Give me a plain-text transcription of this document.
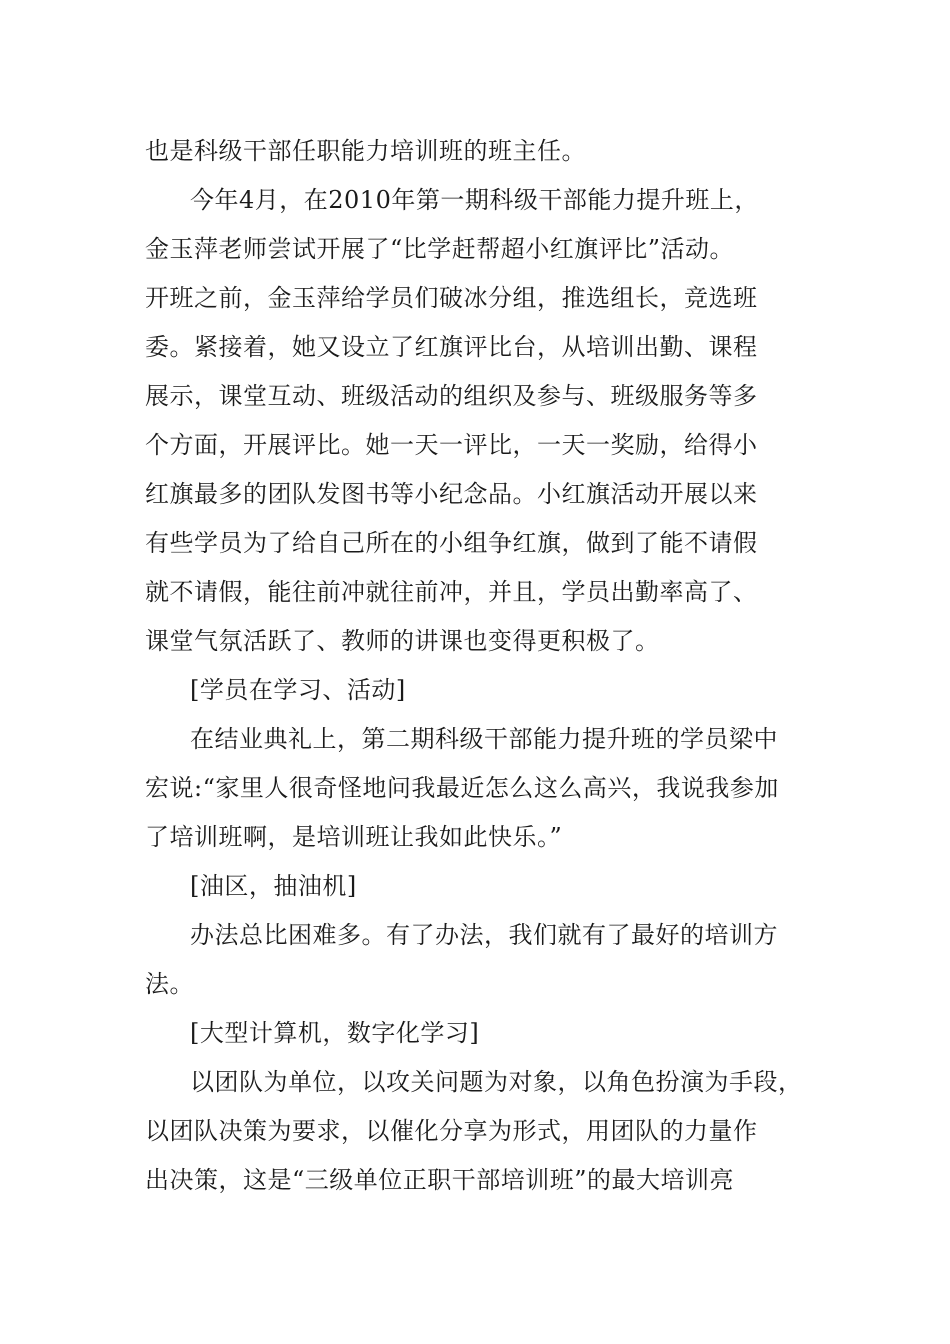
也是科级干部任职能力培训班的班主任。
今年4月，在2010年第一期科级干部能力提升班上，
金玉萍老师尝试开展了“比学赶帮超小红旗评比”活动。
开班之前，金玉萍给学员们破冰分组，推选组长，竞选班
委。紧接着，她又设立了红旗评比台，从培训出勤、课程
展示，课堂互动、班级活动的组织及参与、班级服务等多
个方面，开展评比。她一天一评比，一天一奖励，给得小
红旗最多的团队发图书等小纪念品。小红旗活动开展以来
有些学员为了给自己所在的小组争红旗，做到了能不请假
就不请假，能往前冲就往前冲，并且，学员出勤率高了、
课堂气氛活跃了、教师的讲课也变得更积极了。
[学员在学习、活动]
在结业典礼上，第二期科级干部能力提升班的学员梁中
宏说:“家里人很奇怪地问我最近怎么这么高兴，我说我参加
了培训班啊，是培训班让我如此快乐。”
[油区，抽油机]
办法总比困难多。有了办法，我们就有了最好的培训方
法。
[大型计算机，数字化学习]
以团队为单位，以攻关问题为对象，以角色扮演为手段，
以团队决策为要求，以催化分享为形式，用团队的力量作
出决策，这是“三级单位正职干部培训班”的最大培训亮
